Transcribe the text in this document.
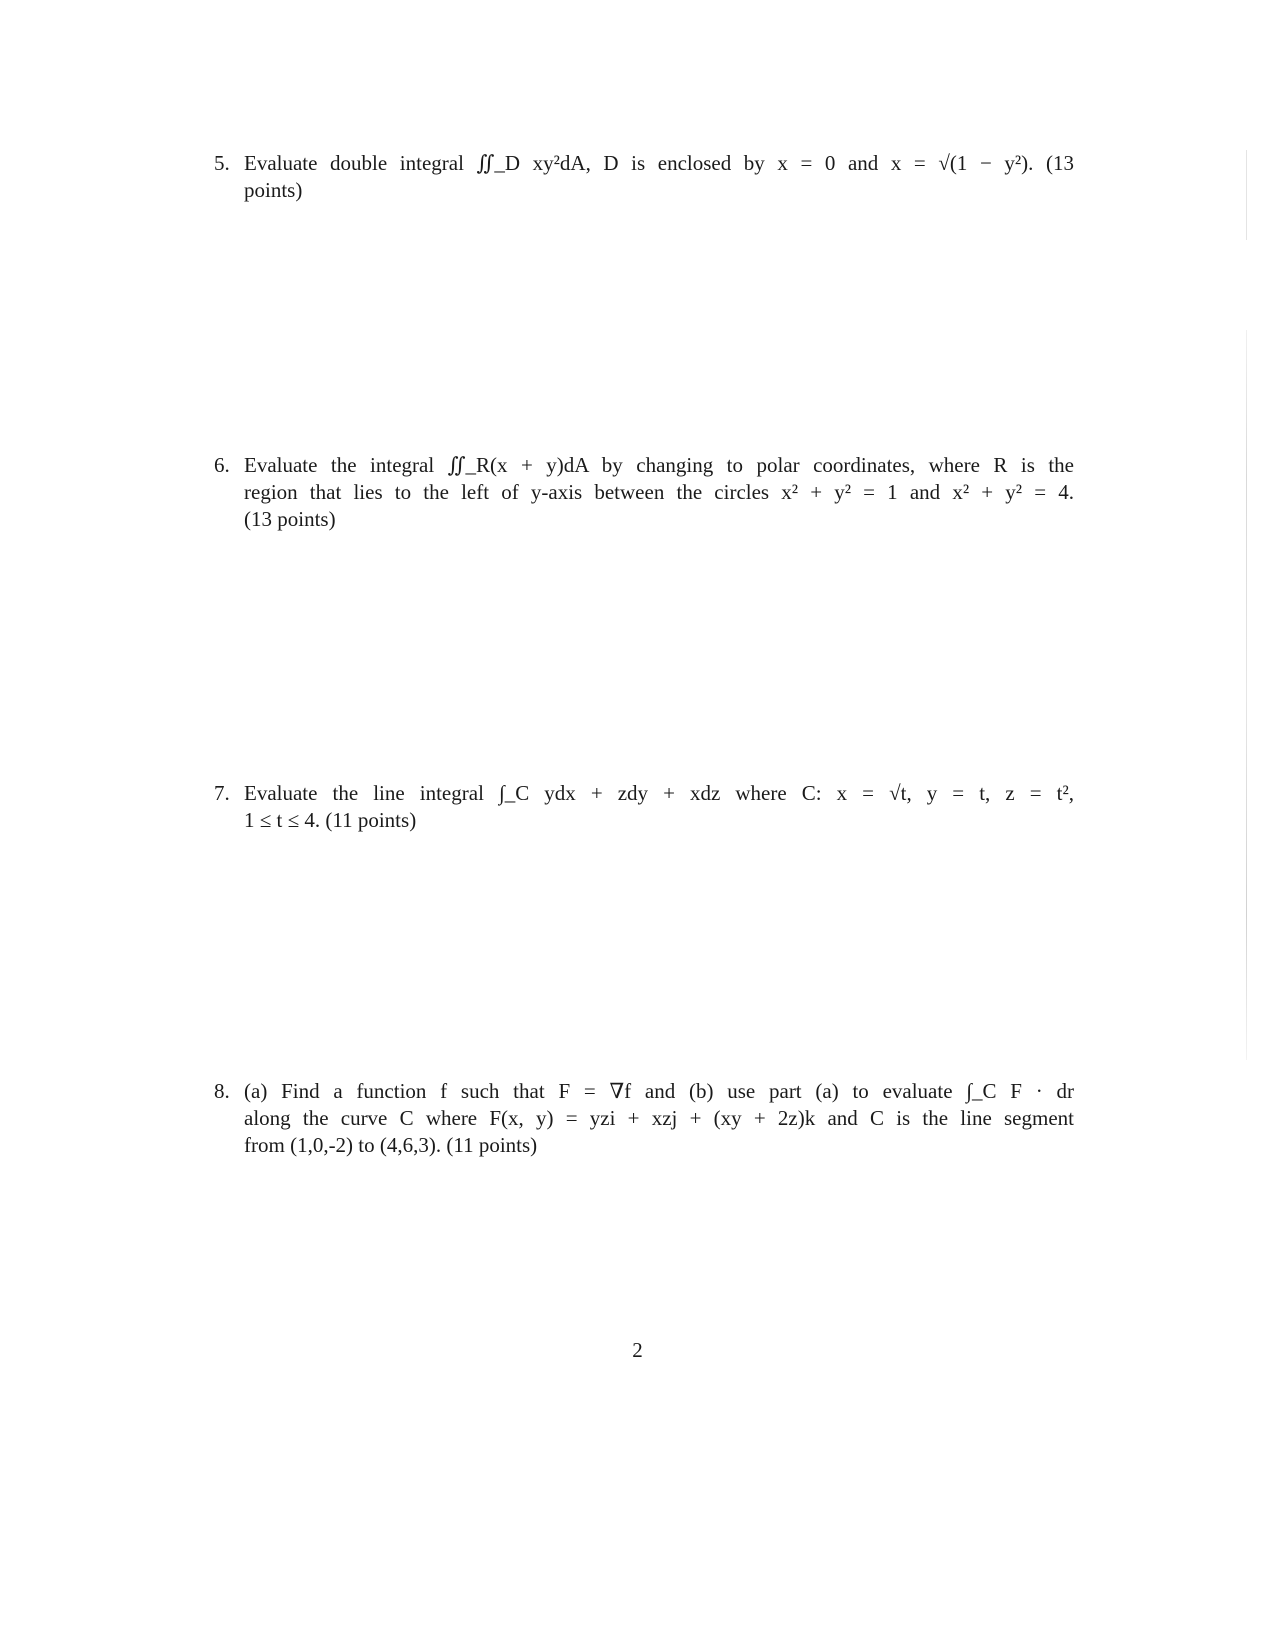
5. Evaluate double integral ∬_D xy²dA, D is enclosed by x = 0 and x = √(1 − y²). (13
points)
6. Evaluate the integral ∬_R(x + y)dA by changing to polar coordinates, where R is the
region that lies to the left of y-axis between the circles x² + y² = 1 and x² + y² = 4.
(13 points)
7. Evaluate the line integral ∫_C ydx + zdy + xdz where C: x = √t, y = t, z = t²,
1 ≤ t ≤ 4. (11 points)
8. (a) Find a function f such that F = ∇f and (b) use part (a) to evaluate ∫_C F · dr
along the curve C where F(x, y) = yzi + xzj + (xy + 2z)k and C is the line segment
from (1,0,-2) to (4,6,3). (11 points)
2
